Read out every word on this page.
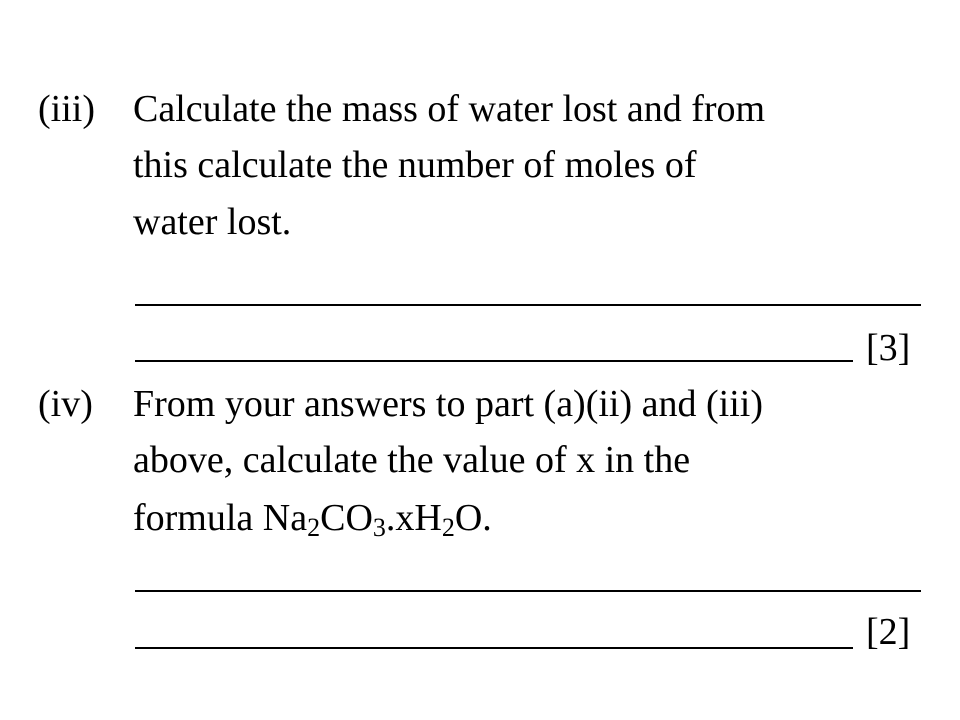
(iii) Calculate the mass of water lost and from
this calculate the number of moles of
water lost.
[3]
(iv) From your answers to part (a)(ii) and (iii)
above, calculate the value of x in the
formula $Na_2CO_3.xH_2O$.
[2]
